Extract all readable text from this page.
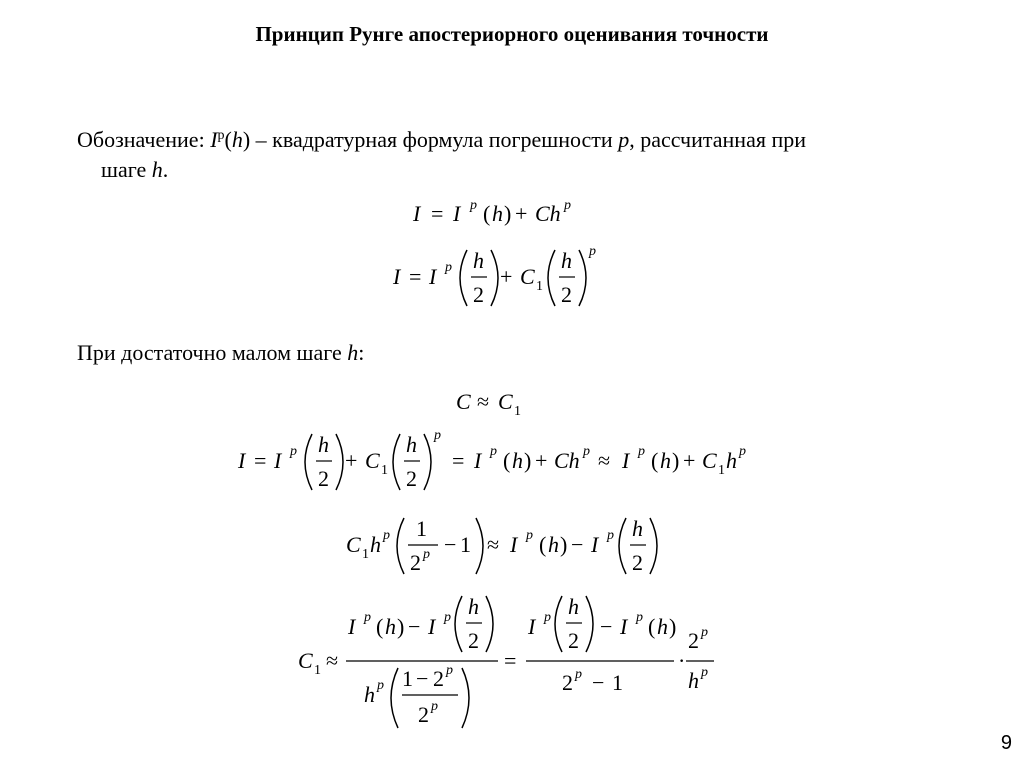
Принцип Рунге апостериорного оценивания точности
Обозначение: $I^p(h)$ – квадратурная формула погрешности p, рассчитанная при
шаге h.
I = I p ( h ) + Ch p
I = I p h
2
+ C 1
h
2
p
При достаточно малом шаге h:
C ≈ C 1
I = I p h
2
+ C 1
h
2
p
= I p ( h ) + Ch p ≈ I p ( h ) + C 1 h p
C 1 h p 1
2 p − 1 ≈ I p ( h ) − I p h
2
C 1 ≈
I p ( h ) − I p h
2
h p 1 − 2 p
2 p
=
I p h
2
− I p ( h )
2 p − 1
·
2 p
h p
9
